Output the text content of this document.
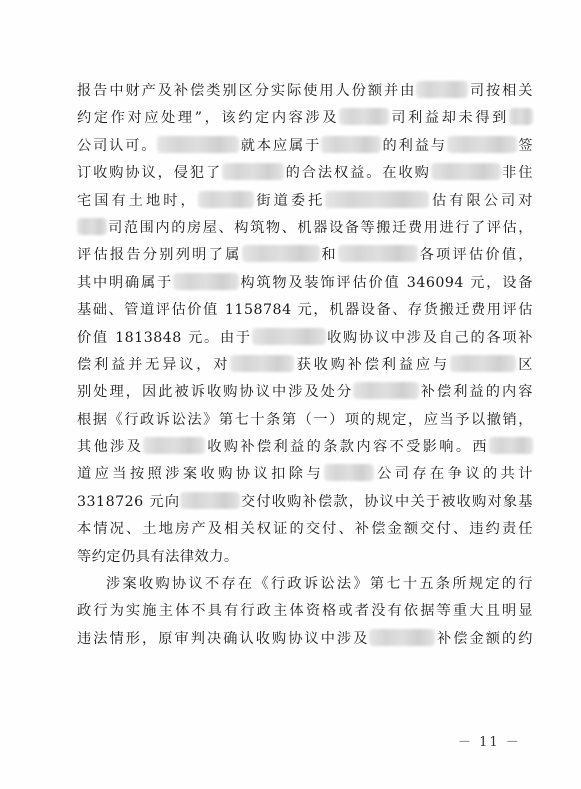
报告中财产及补偿类别区分实际使用人份额并由	司按相关
约定作对应处理”，该约定内容涉及	司利益却未得到
公司认可。	就本应属于	的利益与	签
订收购协议，侵犯了	的合法权益。在收购	非住
宅国有土地时，	街道委托	估有限公司对
司范围内的房屋、构筑物、机器设备等搬迁费用进行了评估，
评估报告分别列明了属	和	各项评估价值，
其中明确属于	构筑物及装饰评估价值 346094 元，设备
基础、管道评估价值 1158784 元，机器设备、存货搬迁费用评估
价值 1813848 元。由于	收购协议中涉及自己的各项补
偿利益并无异议，对	获收购补偿利益应与	区
别处理，因此被诉收购协议中涉及处分	补偿利益的内容
根据《行政诉讼法》第七十条第（一）项的规定，应当予以撤销，
其他涉及	收购补偿利益的条款内容不受影响。西
道应当按照涉案收购协议扣除与	公司存在争议的共计
3318726 元向	交付收购补偿款，协议中关于被收购对象基
本情况、土地房产及相关权证的交付、补偿金额交付、违约责任
等约定仍具有法律效力。
涉案收购协议不存在《行政诉讼法》第七十五条所规定的行
政行为实施主体不具有行政主体资格或者没有依据等重大且明显
违法情形，原审判决确认收购协议中涉及	补偿金额的约
－ 11 －
